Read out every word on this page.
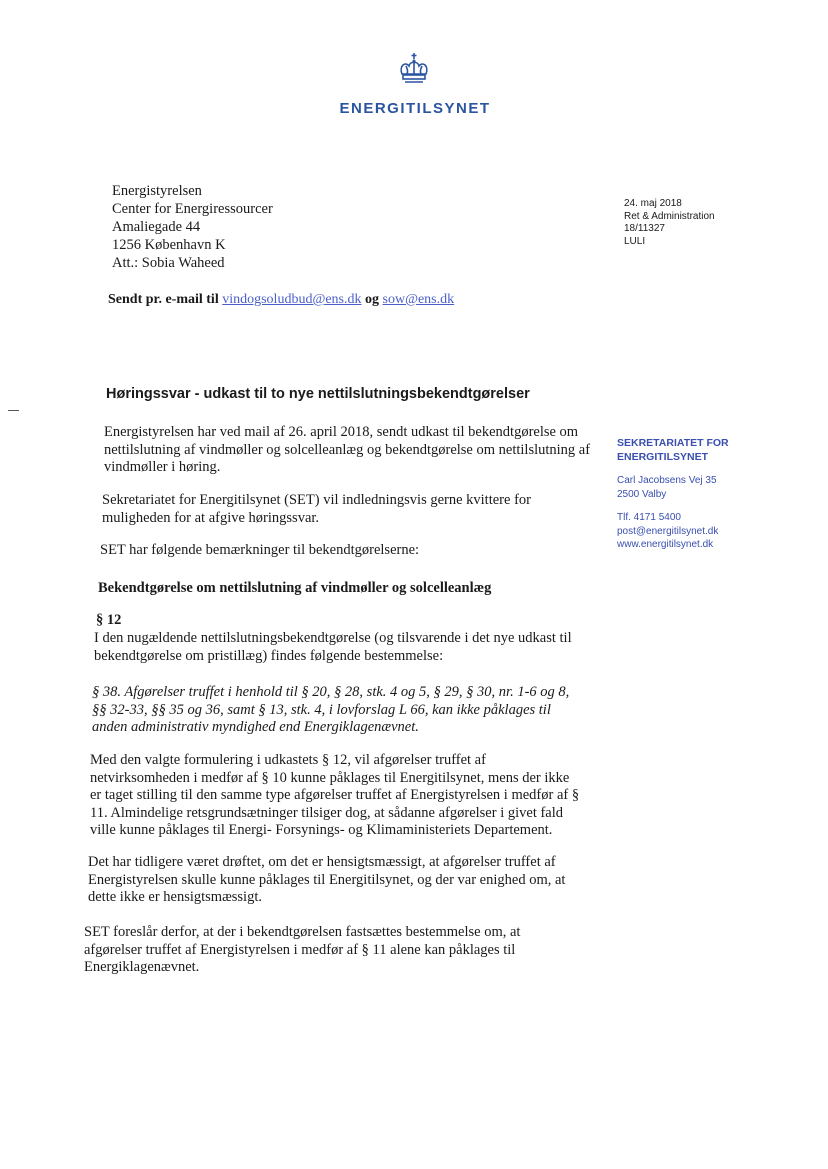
ENERGITILSYNET
Energistyrelsen
Center for Energiressourcer
Amaliegade 44
1256 København K
Att.: Sobia Waheed
24. maj 2018
Ret & Administration
18/11327
LULI
Sendt pr. e-mail til vindogsoludbud@ens.dk og sow@ens.dk
Høringssvar - udkast til to nye nettilslutningsbekendtgørelser
SEKRETARIATET FOR
ENERGITILSYNET
Carl Jacobsens Vej 35
2500 Valby
Tlf. 4171 5400
post@energitilsynet.dk
www.energitilsynet.dk
Energistyrelsen har ved mail af 26. april 2018, sendt udkast til bekendtgørelse om nettilslutning af vindmøller og solcelleanlæg og bekendtgørelse om nettilslutning af vindmøller i høring.
Sekretariatet for Energitilsynet (SET) vil indledningsvis gerne kvittere for muligheden for at afgive høringssvar.
SET har følgende bemærkninger til bekendtgørelserne:
Bekendtgørelse om nettilslutning af vindmøller og solcelleanlæg
§ 12
I den nugældende nettilslutningsbekendtgørelse (og tilsvarende i det nye udkast til bekendtgørelse om pristillæg) findes følgende bestemmelse:
§ 38. Afgørelser truffet i henhold til § 20, § 28, stk. 4 og 5, § 29, § 30, nr. 1-6 og 8, §§ 32-33, §§ 35 og 36, samt § 13, stk. 4, i lovforslag L 66, kan ikke påklages til anden administrativ myndighed end Energiklagenævnet.
Med den valgte formulering i udkastets § 12, vil afgørelser truffet af netvirksomheden i medfør af § 10 kunne påklages til Energitilsynet, mens der ikke er taget stilling til den samme type afgørelser truffet af Energistyrelsen i medfør af § 11. Almindelige retsgrundsætninger tilsiger dog, at sådanne afgørelser i givet fald ville kunne påklages til Energi- Forsynings- og Klimaministeriets Departement.
Det har tidligere været drøftet, om det er hensigtsmæssigt, at afgørelser truffet af Energistyrelsen skulle kunne påklages til Energitilsynet, og der var enighed om, at dette ikke er hensigtsmæssigt.
SET foreslår derfor, at der i bekendtgørelsen fastsættes bestemmelse om, at afgørelser truffet af Energistyrelsen i medfør af § 11 alene kan påklages til Energiklagenævnet.
